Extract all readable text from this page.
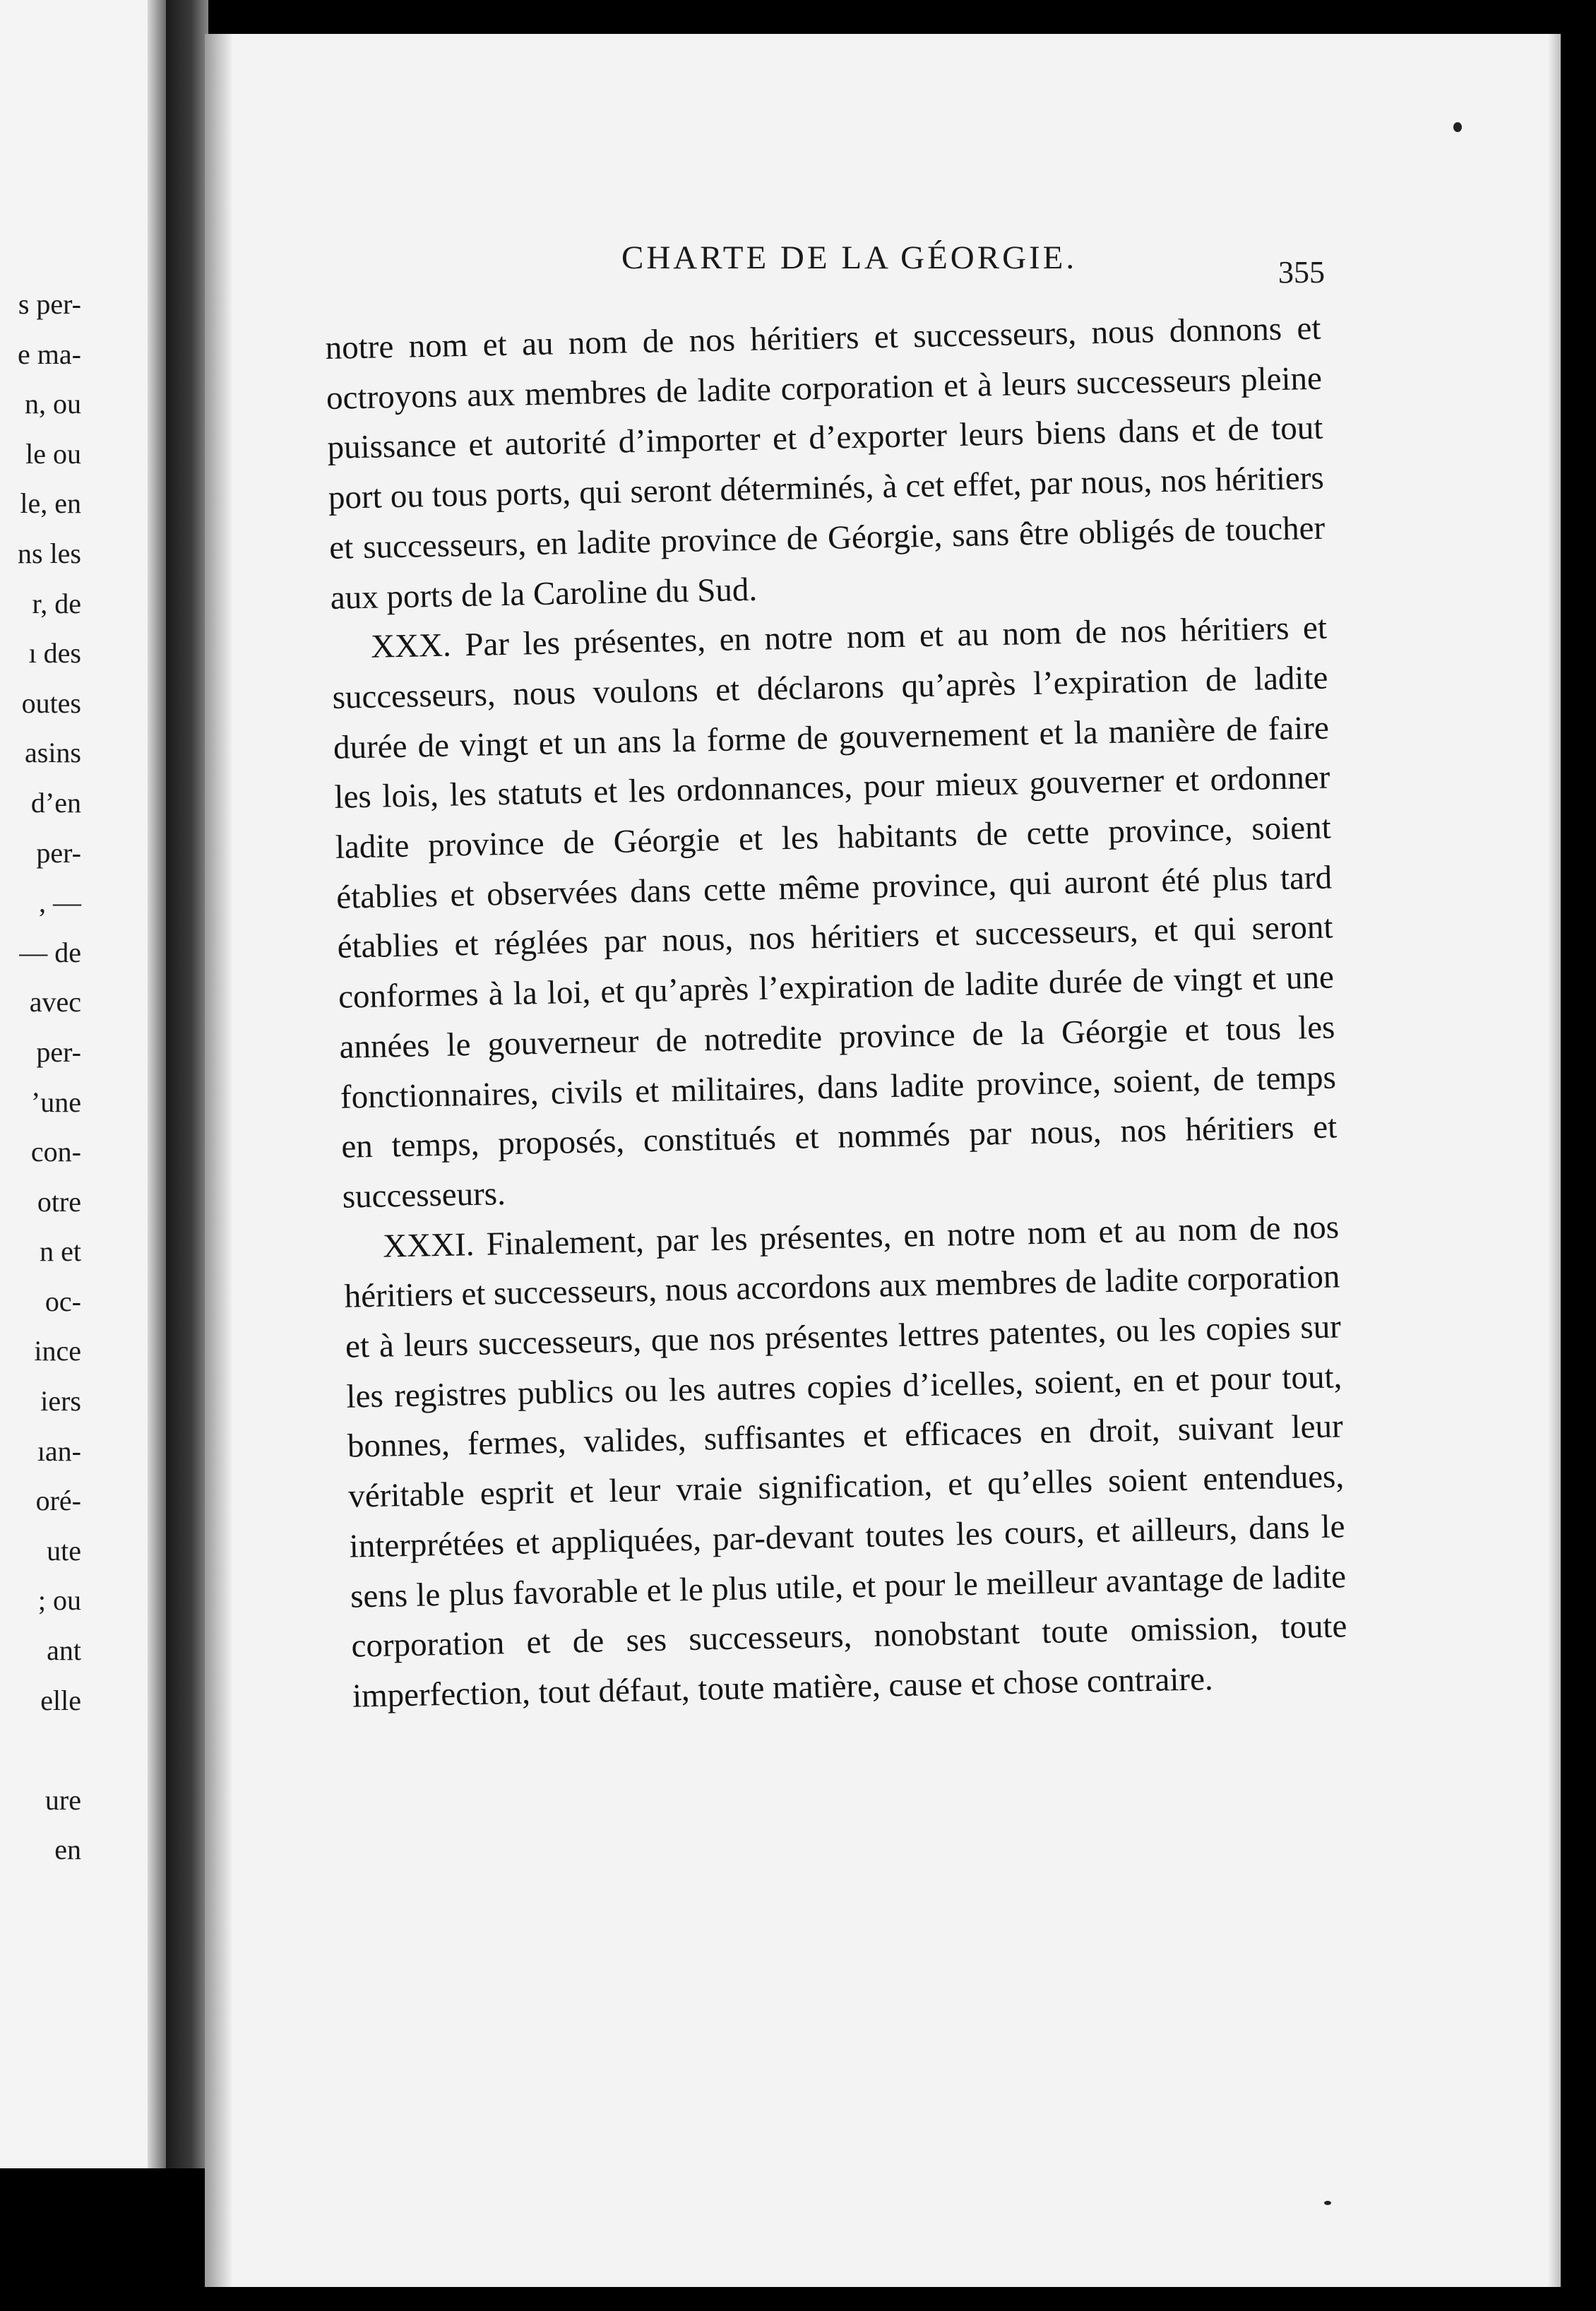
s per-
e ma-
n, ou
le ou
le, en
ns les
r, de
ı des
outes
asins
d’en
per-
, —
— de
avec
per-
’une
con-
otre
n et
oc-
ince
iers
ıan-
oré-
ute
; ou
ant
elle
ure
en
CHARTE DE LA GÉORGIE.	355

notre nom et au nom de nos héritiers et successeurs, nous donnons et octroyons aux membres de ladite corporation et à leurs successeurs pleine puissance et autorité d’importer et d’exporter leurs biens dans et de tout port ou tous ports, qui seront déterminés, à cet effet, par nous, nos héritiers et successeurs, en ladite province de Géorgie, sans être obligés de toucher aux ports de la Caroline du Sud.

XXX. Par les présentes, en notre nom et au nom de nos héritiers et successeurs, nous voulons et déclarons qu’après l’expiration de ladite durée de vingt et un ans la forme de gouvernement et la manière de faire les lois, les statuts et les ordonnances, pour mieux gouverner et ordonner ladite province de Géorgie et les habitants de cette province, soient établies et observées dans cette même province, qui auront été plus tard établies et réglées par nous, nos héritiers et successeurs, et qui seront conformes à la loi, et qu’après l’expiration de ladite durée de vingt et une années le gouverneur de notredite province de la Géorgie et tous les fonctionnaires, civils et militaires, dans ladite province, soient, de temps en temps, proposés, constitués et nommés par nous, nos héritiers et successeurs.

XXXI. Finalement, par les présentes, en notre nom et au nom de nos héritiers et successeurs, nous accordons aux membres de ladite corporation et à leurs successeurs, que nos présentes lettres patentes, ou les copies sur les registres publics ou les autres copies d’icelles, soient, en et pour tout, bonnes, fermes, valides, suffisantes et efficaces en droit, suivant leur véritable esprit et leur vraie signification, et qu’elles soient entendues, interprétées et appliquées, par-devant toutes les cours, et ailleurs, dans le sens le plus favorable et le plus utile, et pour le meilleur avantage de ladite corporation et de ses successeurs, nonobstant toute omission, toute imperfection, tout défaut, toute matière, cause et chose contraire.
